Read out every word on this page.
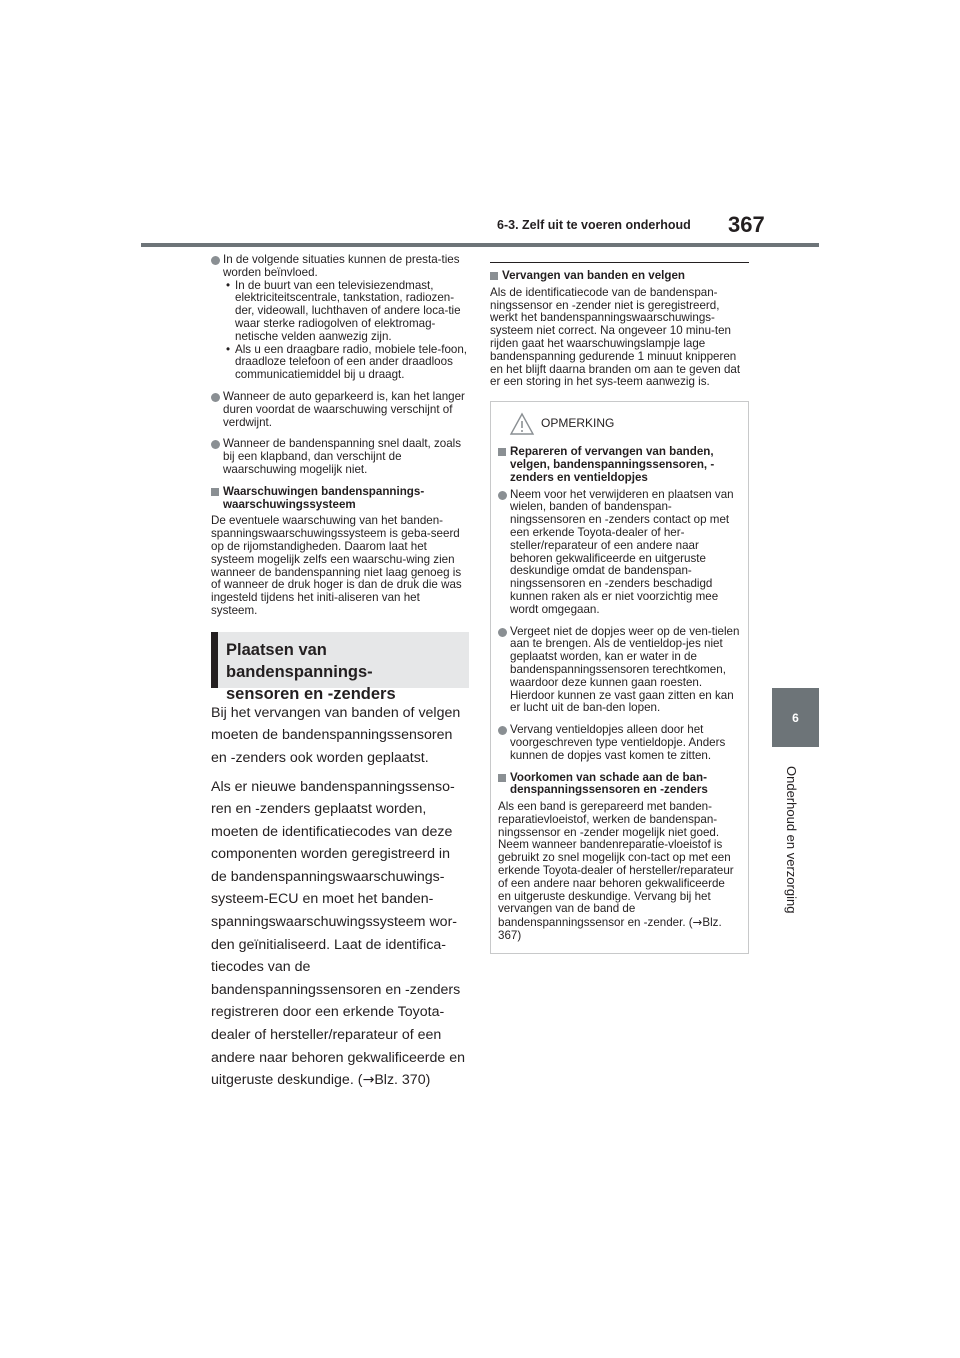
6-3. Zelf uit te voeren onderhoud 367
6
Onderhoud en verzorging
In de volgende situaties kunnen de presta-ties worden beïnvloed.
• In de buurt van een televisiezendmast, elektriciteitscentrale, tankstation, radiozen-der, videowall, luchthaven of andere loca-tie waar sterke radiogolven of elektromag-netische velden aanwezig zijn.
• Als u een draagbare radio, mobiele tele-foon, draadloze telefoon of een ander draadloos communicatiemiddel bij u draagt.
Wanneer de auto geparkeerd is, kan het langer duren voordat de waarschuwing verschijnt of verdwijnt.
Wanneer de bandenspanning snel daalt, zoals bij een klapband, dan verschijnt de waarschuwing mogelijk niet.
Waarschuwingen bandenspannings-waarschuwingssysteem
De eventuele waarschuwing van het banden-spanningswaarschuwingssysteem is geba-seerd op de rijomstandigheden. Daarom laat het systeem mogelijk zelfs een waarschu-wing zien wanneer de bandenspanning niet laag genoeg is of wanneer de druk hoger is dan de druk die was ingesteld tijdens het initi-aliseren van het systeem.
Plaatsen van bandenspannings-
sensoren en -zenders

Bij het vervangen van banden of velgen moeten de bandenspanningssensoren en -zenders ook worden geplaatst.

Als er nieuwe bandenspanningssenso-ren en -zenders geplaatst worden, moeten de identificatiecodes van deze componenten worden geregistreerd in de bandenspanningswaarschuwings-systeem-ECU en moet het banden-spanningswaarschuwingssysteem wor-den geïnitialiseerd. Laat de identifica-tiecodes van de bandenspanningssensoren en -zenders registreren door een erkende Toyota-dealer of hersteller/reparateur of een andere naar behoren gekwalificeerde en uitgeruste deskundige. (→Blz. 370)

Vervangen van banden en velgen
Als de identificatiecode van de bandenspan-ningssensor en -zender niet is geregistreerd, werkt het bandenspanningswaarschuwings-systeem niet correct. Na ongeveer 10 minu-ten rijden gaat het waarschuwingslampje lage bandenspanning gedurende 1 minuut knipperen en het blijft daarna branden om aan te geven dat er een storing in het sys-teem aanwezig is.
OPMERKING
Repareren of vervangen van banden, velgen, bandenspanningssensoren, -zenders en ventieldopjes
Neem voor het verwijderen en plaatsen van wielen, banden of bandenspan-ningssensoren en -zenders contact op met een erkende Toyota-dealer of her-steller/reparateur of een andere naar behoren gekwalificeerde en uitgeruste deskundige omdat de bandenspan-ningssensoren en -zenders beschadigd kunnen raken als er niet voorzichtig mee wordt omgegaan.
Vergeet niet de dopjes weer op de ven-tielen aan te brengen. Als de ventieldop-jes niet geplaatst worden, kan er water in de bandenspanningssensoren terechtkomen, waardoor deze kunnen gaan roesten. Hierdoor kunnen ze vast gaan zitten en kan er lucht uit de ban-den lopen.
Vervang ventieldopjes alleen door het voorgeschreven type ventieldopje. Anders kunnen de dopjes vast komen te zitten.
Voorkomen van schade aan de ban-denspanningssensoren en -zenders
Als een band is gerepareerd met banden-reparatievloeistof, werken de bandenspan-ningssensor en -zender mogelijk niet goed. Neem wanneer bandenreparatie-vloeistof is gebruikt zo snel mogelijk con-tact op met een erkende Toyota-dealer of hersteller/reparateur of een andere naar behoren gekwalificeerde en uitgeruste deskundige. Vervang bij het vervangen van de band de bandenspanningssensor en -zender. (→Blz. 367)
